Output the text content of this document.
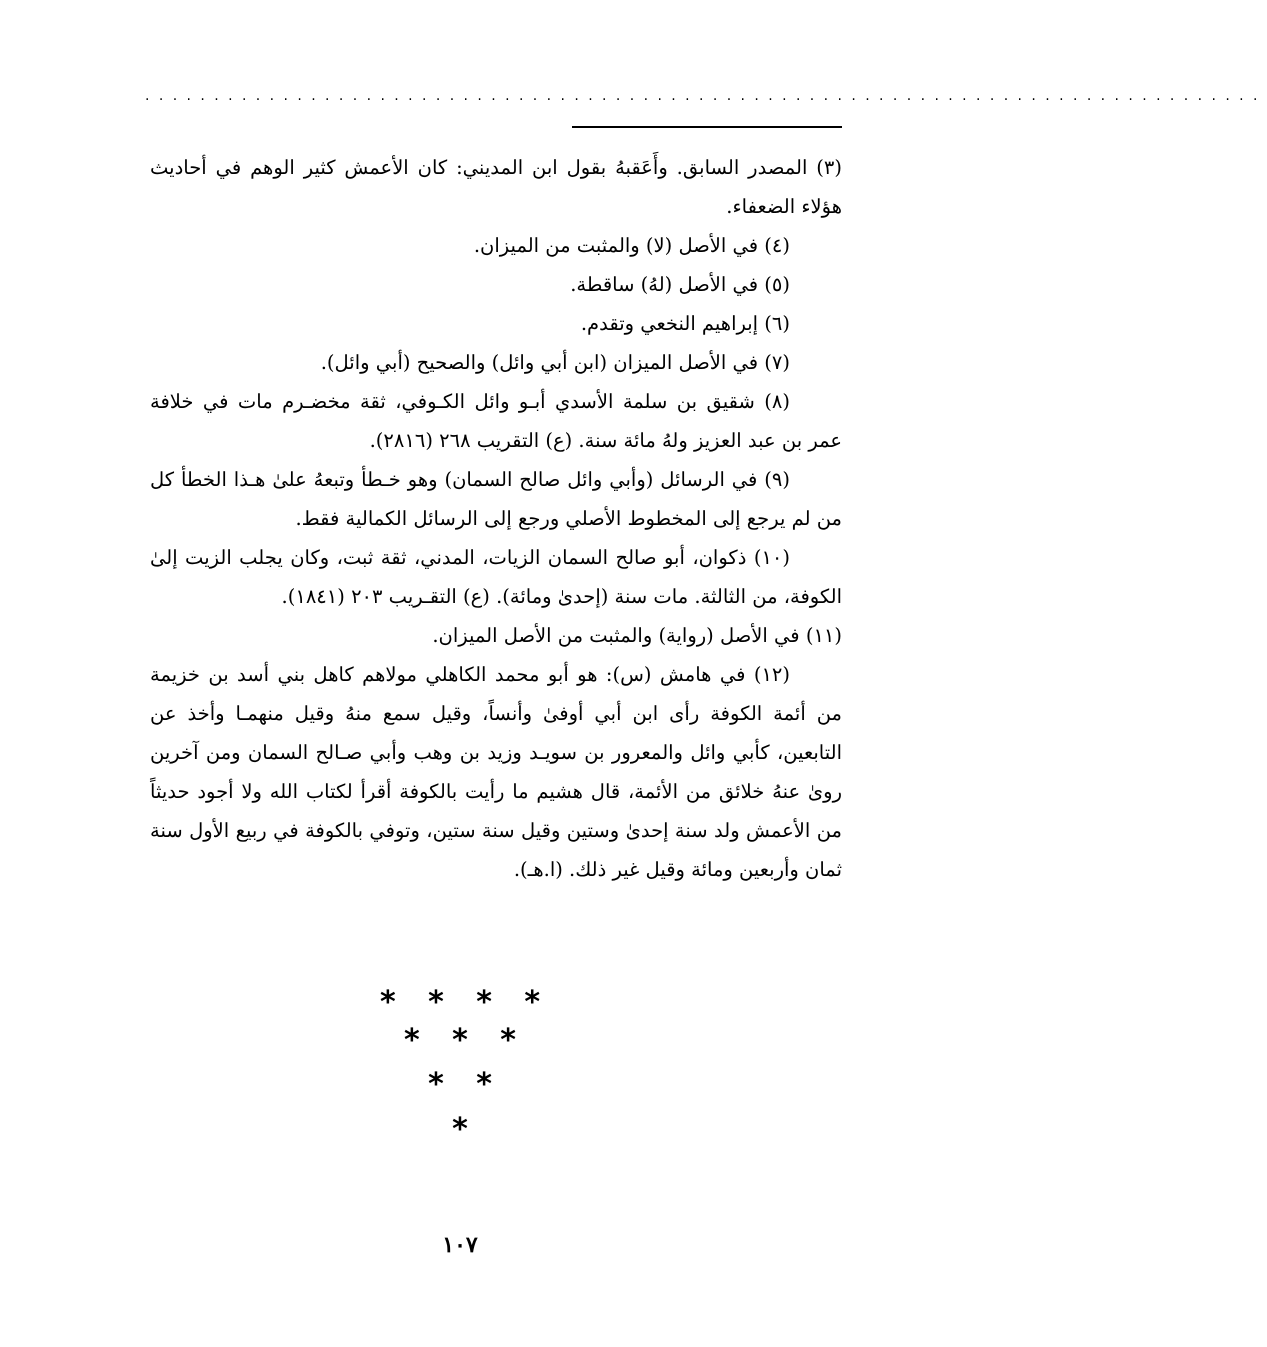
.................................................................................

(٣) المصدر السابق. وأَعَقبهُ بقول ابن المديني: كان الأعمش كثير الوهم في أحاديث هؤلاء الضعفاء.

(٤) في الأصل (لا) والمثبت من الميزان.

(٥) في الأصل (لهُ) ساقطة.

(٦) إبراهيم النخعي وتقدم.

(٧) في الأصل الميزان (ابن أبي وائل) والصحيح (أبي وائل).

(٨) شقيق بن سلمة الأسدي أبـو وائل الكـوفي، ثقة مخضـرم مات في خلافة عمر بن عبد العزيز ولهُ مائة سنة. (ع) التقريب ٢٦٨ (٢٨١٦).

(٩) في الرسائل (وأبي وائل صالح السمان) وهو خـطأ وتبعهُ علىٰ هـذا الخطأ كل من لم يرجع إلى المخطوط الأصلي ورجع إلى الرسائل الكمالية فقط.

(١٠) ذكوان، أبو صالح السمان الزيات، المدني، ثقة ثبت، وكان يجلب الزيت إلىٰ الكوفة، من الثالثة. مات سنة (إحدىٰ ومائة). (ع) التقـريب ٢٠٣ (١٨٤١).

(١١) في الأصل (رواية) والمثبت من الأصل الميزان.

(١٢) في هامش (س): هو أبو محمد الكاهلي مولاهم كاهل بني أسد بن خزيمة من أئمة الكوفة رأى ابن أبي أوفىٰ وأنساً، وقيل سمع منهُ وقيل منهمـا وأخذ عن التابعين، كأبي وائل والمعرور بن سويـد وزيد بن وهب وأبي صـالح السمان ومن آخرين روىٰ عنهُ خلائق من الأئمة، قال هشيم ما رأيت بالكوفة أقرأ لكتاب الله ولا أجود حديثاً من الأعمش ولد سنة إحدىٰ وستين وقيل سنة ستين، وتوفي بالكوفة في ربيع الأول سنة ثمان وأربعين ومائة وقيل غير ذلك. (ا.هـ).

* * * *
* * *
* *
*
١٠٧
